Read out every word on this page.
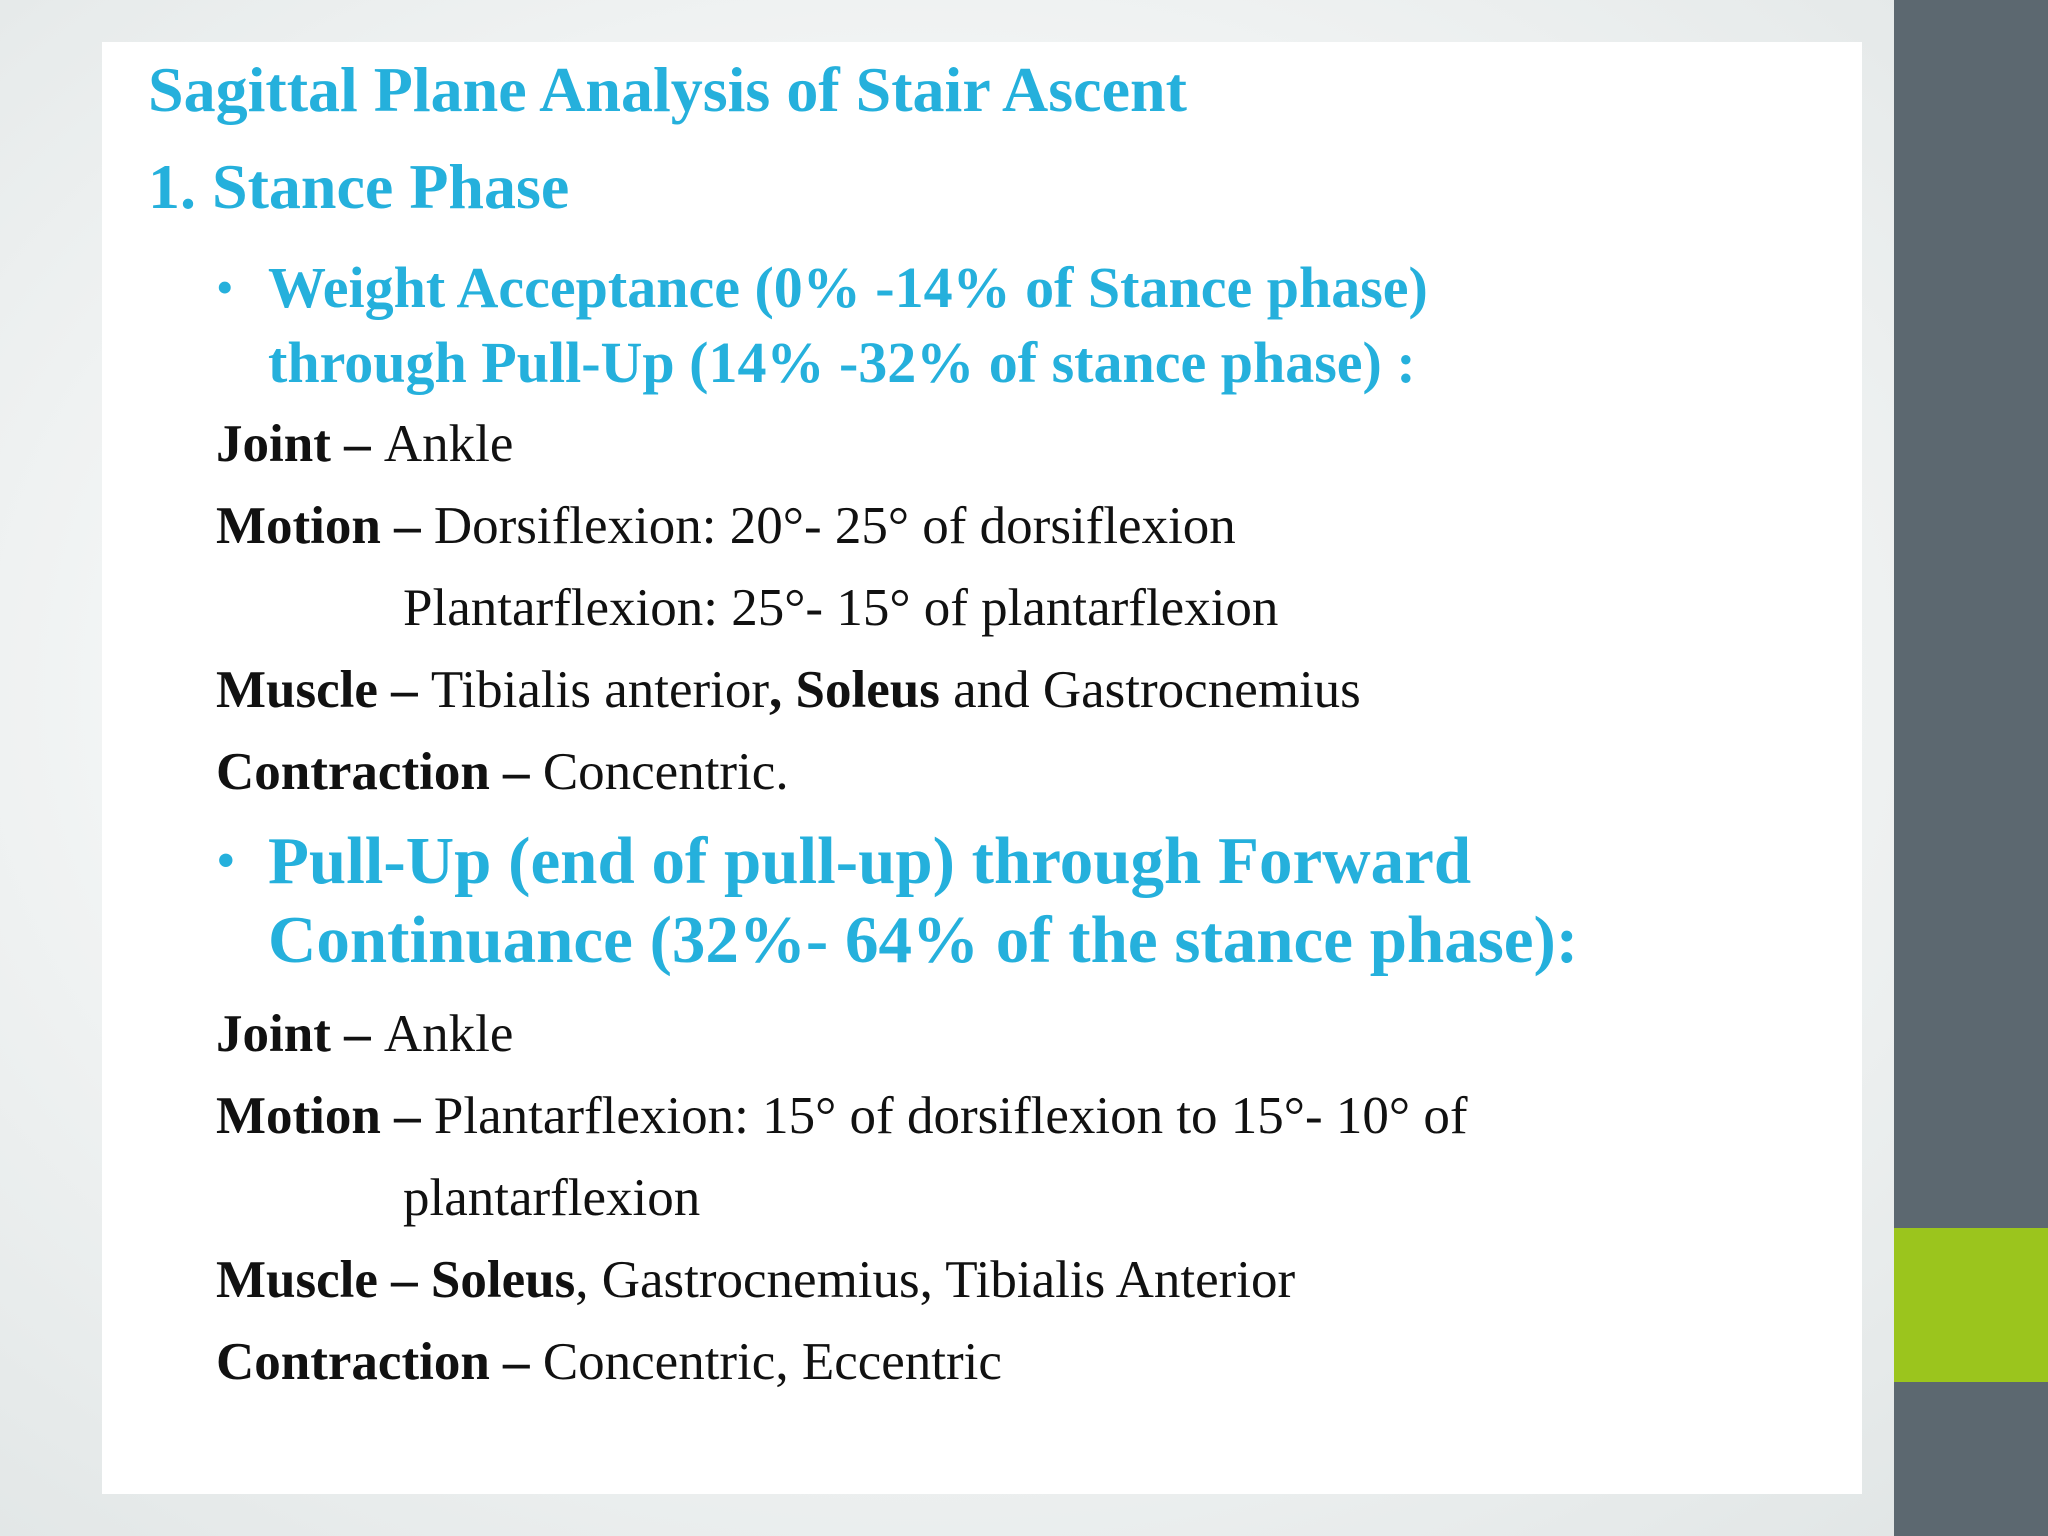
Sagittal Plane Analysis of Stair Ascent
1. Stance Phase
• Weight Acceptance (0% -14% of Stance phase)
through Pull-Up (14% -32% of stance phase) :
Joint – Ankle
Motion – Dorsiflexion: 20°- 25° of dorsiflexion
Plantarflexion: 25°- 15° of plantarflexion
Muscle – Tibialis anterior, Soleus and Gastrocnemius
Contraction – Concentric.
• Pull-Up (end of pull-up) through Forward
Continuance (32%- 64% of the stance phase):
Joint – Ankle
Motion – Plantarflexion: 15° of dorsiflexion to 15°- 10° of
plantarflexion
Muscle – Soleus, Gastrocnemius, Tibialis Anterior
Contraction – Concentric, Eccentric
